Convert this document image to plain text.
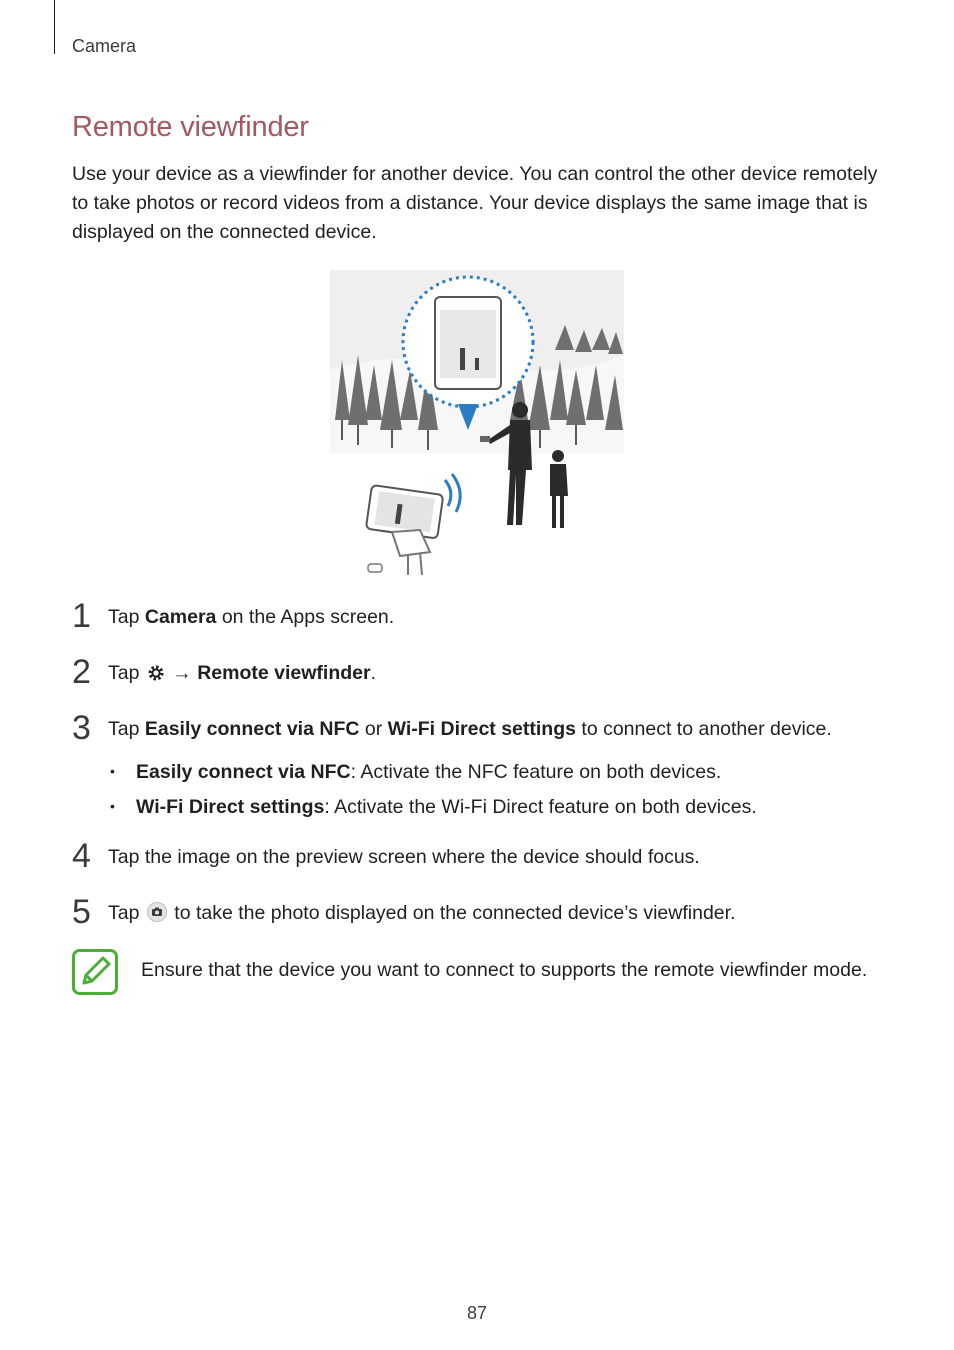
Camera
Remote viewfinder

Use your device as a viewfinder for another device. You can control the other device remotely to take photos or record videos from a distance. Your device displays the same image that is displayed on the connected device.

1 Tap Camera on the Apps screen.
2 Tap  → Remote viewfinder.
3 Tap Easily connect via NFC or Wi-Fi Direct settings to connect to another device.
• Easily connect via NFC: Activate the NFC feature on both devices.
• Wi-Fi Direct settings: Activate the Wi-Fi Direct feature on both devices.
4 Tap the image on the preview screen where the device should focus.
5 Tap  to take the photo displayed on the connected device’s viewfinder.
Ensure that the device you want to connect to supports the remote viewfinder mode.
87
